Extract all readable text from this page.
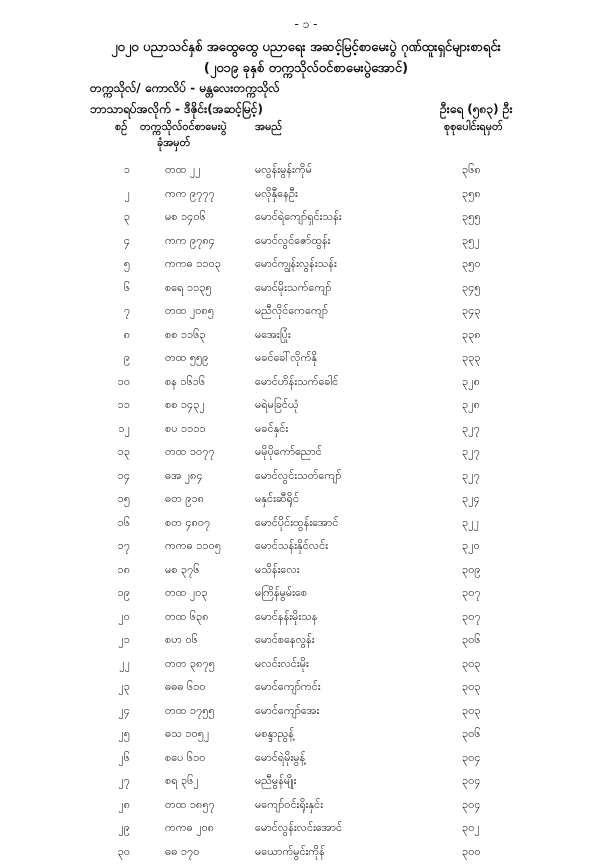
- ၁ -
၂၀၂၀ ပညာသင်နှစ် အထွေထွေ ပညာရေး အဆင့်မြင့်စာမေးပွဲ ဂုဏ်ထူးရှင်များစာရင်း
(၂၀၁၉ ခုနှစ် တက္ကသိုလ်ဝင်စာမေးပွဲအောင်)
တက္ကသိုလ်/ ကောလိပ် - မန္တလေးတက္ကသိုလ်
ဘာသာရပ်အလိုက် - ဒီဇိုင်း(အဆင့်မြင့်)	ဦးရေ (၅၈၃) ဦး
စဉ် တက္ကသိုလ်ဝင်စာမေးပွဲ
ခုံအမှတ်
အမည်	စုစုပေါင်းရမှတ်
၁	တထ ၂၂	မလွန်းမွန်းကိုမ်	၃၆၈
၂	ကက ၉၇၇၇	မလိုနှီနေဦး	၃၅၈
၃	မစ ၁၄၀၆	မောင်ရဲကျော်ရှင်းသန်း	၃၅၅
၄	ကက ၉၇၈၄	မောင်လွင်ဇော်ထွန်း	၃၅၂
၅	ကကဓ ၁၁၀၃	မောင်ကျွန်းလွန်းသန်း	၃၅၀
၆	စရေ ၁၁၃၅	မောင်မိုးသက်ကျော်	၃၄၅
၇	တထ ၂၀၈၅	မညီလိုင်ကေကျော်	၃၄၃
၈	စစ ၁၁၆၃	မအေးပြုံး	၃၃၈
၉	တထ ၅၅၉	မခင်ခေါ်လိုက်နို	၃၃၃
၁၀	စန ၁၆၁၆	မောင်ဟိန်းသက်ခေါင်	၃၂၈
၁၁	စစ ၁၄၃၂	မရဲမခြင်ယုံ	၃၂၈
၁၂	စပ ၁၁၁၁	မခင်နှင်း	၃၂၇
၁၃	တထ ၁၀၇၇	မမိုပိုကော်ညောင်	၃၂၇
၁၄	ဓအ ၂၈၄	မောင်လွင်းသတ်ကျော်	၃၂၇
၁၅	ဓတ ၉၁၈	မနှင်းဆီရိုင်	၃၂၄
၁၆	စတ ၄၈၀၇	မောင်ပိုင်းထွန်းအောင်	၃၂၂
၁၇	ကကဓ ၁၁၀၅	မောင်သန်းနိုင်လင်း	၃၂၀
၁၈	မစ ၃၇၆	မသိန်းလေး	၃၀၉
၁၉	တထ ၂၀၃	မကြိန်မွမ်းစေ	၃၀၇
၂၀	တထ ၆၃၈	မောင်နန်းမိုးသန	၃၀၇
၂၁	စဟ ၀၆	မောင်စနေလွန်း	၃၀၆
၂၂	တတ ၃၈၇၅	မလင်းလင်းမိုး	၃၀၃
၂၃	ဓဓဓ ၆၁၀	မောင်ကျော်ကင်း	၃၀၃
၂၄	တထ ၁၇၅၅	မောင်ကျော်အေး	၃၀၃
၂၅	ဓသ ၁၀၅၂	မစန္ဒာညွန့်	၃၀၆
၂၆	စပေ ၆၁၀	မောင်ရဲမိုးမွန့်	၃၀၄
၂၇	စရ ၃၆၂	မညီမွန်မျိုး	၃၀၄
၂၈	တထ ၁၈၅၇	မကျော်ဝင်းရိုးနှင်း	၃၀၄
၂၉	ကကဓ ၂၀၈	မောင်လွန်းလင်းအောင်	၃၀၂
၃၀	ဓဓ ၁၇၀	မယောက်မွင်းကိုန်	၃၀၀
